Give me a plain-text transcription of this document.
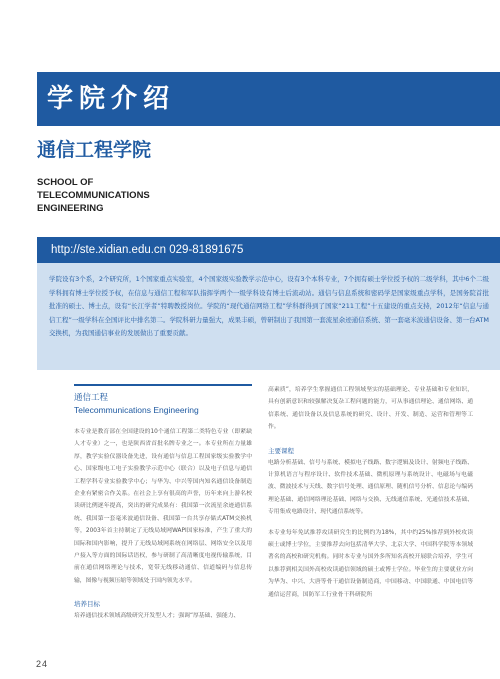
学院介绍
通信工程学院
SCHOOL OF
TELECOMMUNICATIONS
ENGINEERING
http://ste.xidian.edu.cn 029-81891675
学院设有3个系，2个研究所，1个国家重点实验室，4个国家级实验教学示范中心，设有3个本科专业，7个拥有硕士学位授予权的二级学科，其中6个二级学科拥有博士学位授予权，在信息与通信工程和军队指挥学两个一级学科设有博士后流动站。通信与信息系统和密码学是国家级重点学科，是国务院首批批准的硕士、博士点，设有“长江学者”特聘教授岗位。学院的“现代通信网络工程”学科群得到了国家“211工程”十五建设的重点支持，2012年“信息与通信工程”一级学科在全国评比中排名第二。学院科研力量强大，成果丰硕，曾研制出了我国第一套流星余迹通信系统、第一套毫米波通信设备、第一台ATM交换机，为我国通信事业的发展做出了重要贡献。
通信工程
Telecommunications Engineering
本专业是教育部在全国建设的10个通信工程第二类特色专业（即紧缺人才专业）之一，也是陕西省首批名牌专业之一。本专业所在力量雄厚，教学实验仪器设备先进，设有通信与信息工程国家级实验教学中心、国家级电工电子实验教学示范中心（联合）以及电子信息与通信工程学科专业实验教学中心；与华为、中兴等国内知名通信设备制造企业有紧密合作关系。在社会上享有很高的声誉，历年来向上游名校读研比例逐年提高，突出的研究成果有：我国第一次流星余迹通信系统、我国第一套毫米波通信设备、我国第一台共享存储式ATM交换机等，2003年首主持制定了无线局域网WAPI国家标准，产生了重大的国际和国内影响，提升了无线局域网系统在网络层、网络安全以及用户接入等方面的国际话语权，参与研制了高清晰度电视传输系统，目前在通信网络理论与技术，宽带无线移动通信、信道编码与信息传输，图像与视频压缩等领域处于国内领先水平。
培养目标
培养通信技术领域高级研究开发型人才；强调“厚基础、强能力、
高素质”，培养学生掌握通信工程领域坚实的基础理论、专业基础和专业知识，具有创新意识和较强解决复杂工程问题的能力，可从事通信理论、通信网络、通信系统、通信设备以及信息系统的研究、设计、开发、制造、运营和管理等工作。
主要课程
电路分析基础、信号与系统、模拟电子线路、数字逻辑及设计、射频电子线路、计算机语言与程序设计、软件技术基础、微机原理与系统设计、电磁场与电磁波、微波技术与天线、数字信号处理、通信原理、随机信号分析、信息论与编码理论基础、通信网络理论基础、网络与交换、无线通信系统、光通信技术基础、专用集成电路设计、现代通信系统等。
本专业每年免试推荐攻读研究生的比例约为18%，其中约25%推荐到外校攻读硕士或博士学位，主要推荐去向包括清华大学、北京大学、中国科学院等本领域著名的高校和研究机构。同时本专业与国外多所知名高校开展联合培养，学生可以推荐到相关国外高校攻读通信领域的硕士或博士学位。毕业生的主要就业方向为华为、中兴、大唐等骨干通信设备制造商，中国移动、中国联通、中国电信等通信运营商，国防军工行业骨干科研院所
24
